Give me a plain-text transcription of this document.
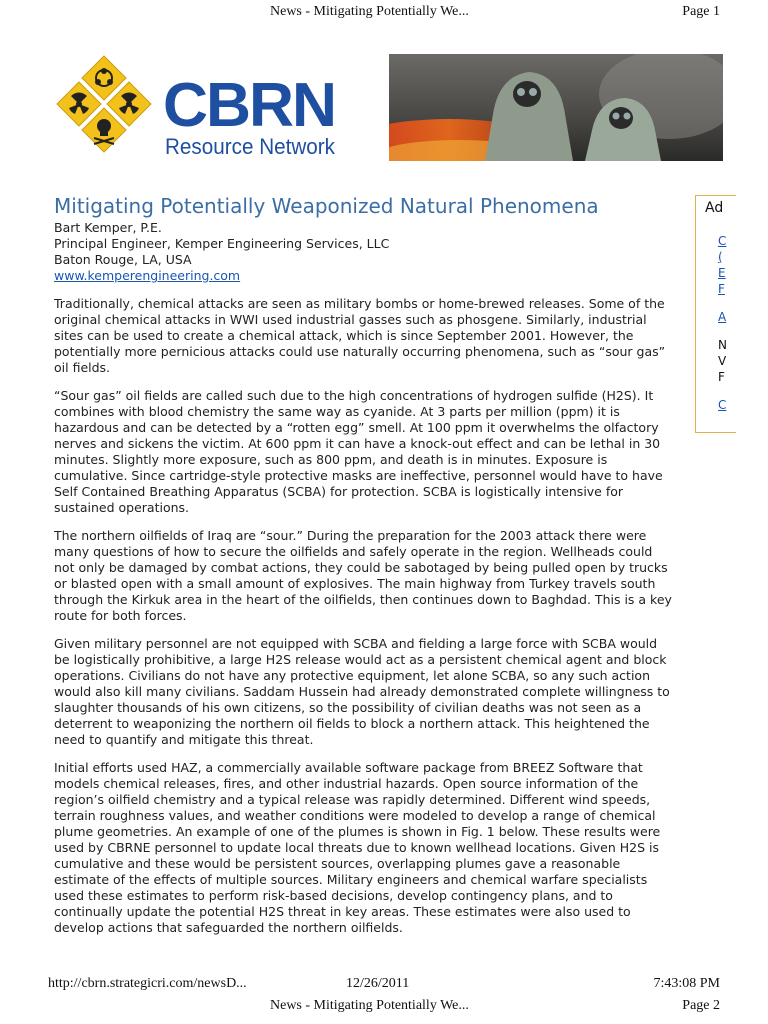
News - Mitigating Potentially We...	Page 1
CBRN
Resource Network
Ad
C
(
E
F
A
N
V
F
C
Mitigating Potentially Weaponized Natural Phenomena
Bart Kemper, P.E.
Principal Engineer, Kemper Engineering Services, LLC
Baton Rouge, LA, USA
www.kemperengineering.com

Traditionally, chemical attacks are seen as military bombs or home-brewed releases. Some of the original chemical attacks in WWI used industrial gasses such as phosgene. Similarly, industrial sites can be used to create a chemical attack, which is since September 2001. However, the potentially more pernicious attacks could use naturally occurring phenomena, such as “sour gas” oil fields.

“Sour gas” oil fields are called such due to the high concentrations of hydrogen sulfide (H2S). It combines with blood chemistry the same way as cyanide. At 3 parts per million (ppm) it is hazardous and can be detected by a “rotten egg” smell. At 100 ppm it overwhelms the olfactory nerves and sickens the victim. At 600 ppm it can have a knock-out effect and can be lethal in 30 minutes. Slightly more exposure, such as 800 ppm, and death is in minutes. Exposure is cumulative. Since cartridge-style protective masks are ineffective, personnel would have to have Self Contained Breathing Apparatus (SCBA) for protection. SCBA is logistically intensive for sustained operations.

The northern oilfields of Iraq are “sour.” During the preparation for the 2003 attack there were many questions of how to secure the oilfields and safely operate in the region. Wellheads could not only be damaged by combat actions, they could be sabotaged by being pulled open by trucks or blasted open with a small amount of explosives. The main highway from Turkey travels south through the Kirkuk area in the heart of the oilfields, then continues down to Baghdad. This is a key route for both forces.

Given military personnel are not equipped with SCBA and fielding a large force with SCBA would be logistically prohibitive, a large H2S release would act as a persistent chemical agent and block operations. Civilians do not have any protective equipment, let alone SCBA, so any such action would also kill many civilians. Saddam Hussein had already demonstrated complete willingness to slaughter thousands of his own citizens, so the possibility of civilian deaths was not seen as a deterrent to weaponizing the northern oil fields to block a northern attack. This heightened the need to quantify and mitigate this threat.

Initial efforts used HAZ, a commercially available software package from BREEZ Software that models chemical releases, fires, and other industrial hazards. Open source information of the region’s oilfield chemistry and a typical release was rapidly determined. Different wind speeds, terrain roughness values, and weather conditions were modeled to develop a range of chemical plume geometries. An example of one of the plumes is shown in Fig. 1 below. These results were used by CBRNE personnel to update local threats due to known wellhead locations. Given H2S is cumulative and these would be persistent sources, overlapping plumes gave a reasonable estimate of the effects of multiple sources. Military engineers and chemical warfare specialists used these estimates to perform risk-based decisions, develop contingency plans, and to continually update the potential H2S threat in key areas. These estimates were also used to develop actions that safeguarded the northern oilfields.

http://cbrn.strategicri.com/newsD...	12/26/2011	7:43:08 PM
News - Mitigating Potentially We...	Page 2
